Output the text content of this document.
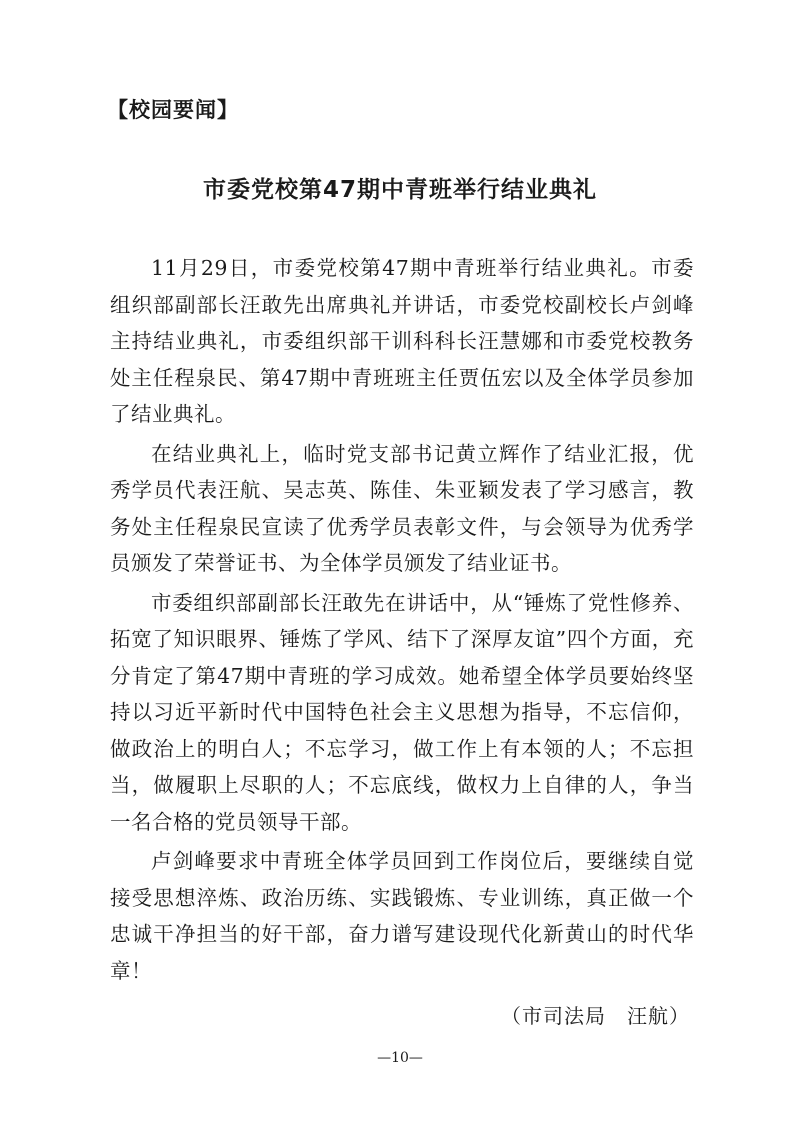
【校园要闻】
市委党校第47期中青班举行结业典礼

11月29日，市委党校第47期中青班举行结业典礼。市委组织部副部长汪敢先出席典礼并讲话，市委党校副校长卢剑峰主持结业典礼，市委组织部干训科科长汪慧娜和市委党校教务处主任程泉民、第47期中青班班主任贾伍宏以及全体学员参加了结业典礼。

在结业典礼上，临时党支部书记黄立辉作了结业汇报，优秀学员代表汪航、吴志英、陈佳、朱亚颖发表了学习感言，教务处主任程泉民宣读了优秀学员表彰文件，与会领导为优秀学员颁发了荣誉证书、为全体学员颁发了结业证书。

市委组织部副部长汪敢先在讲话中，从“锤炼了党性修养、拓宽了知识眼界、锤炼了学风、结下了深厚友谊”四个方面，充分肯定了第47期中青班的学习成效。她希望全体学员要始终坚持以习近平新时代中国特色社会主义思想为指导，不忘信仰，做政治上的明白人；不忘学习，做工作上有本领的人；不忘担当，做履职上尽职的人；不忘底线，做权力上自律的人，争当一名合格的党员领导干部。

卢剑峰要求中青班全体学员回到工作岗位后，要继续自觉接受思想淬炼、政治历练、实践锻炼、专业训练，真正做一个忠诚干净担当的好干部，奋力谱写建设现代化新黄山的时代华章！

（市司法局　汪航）
—10—
